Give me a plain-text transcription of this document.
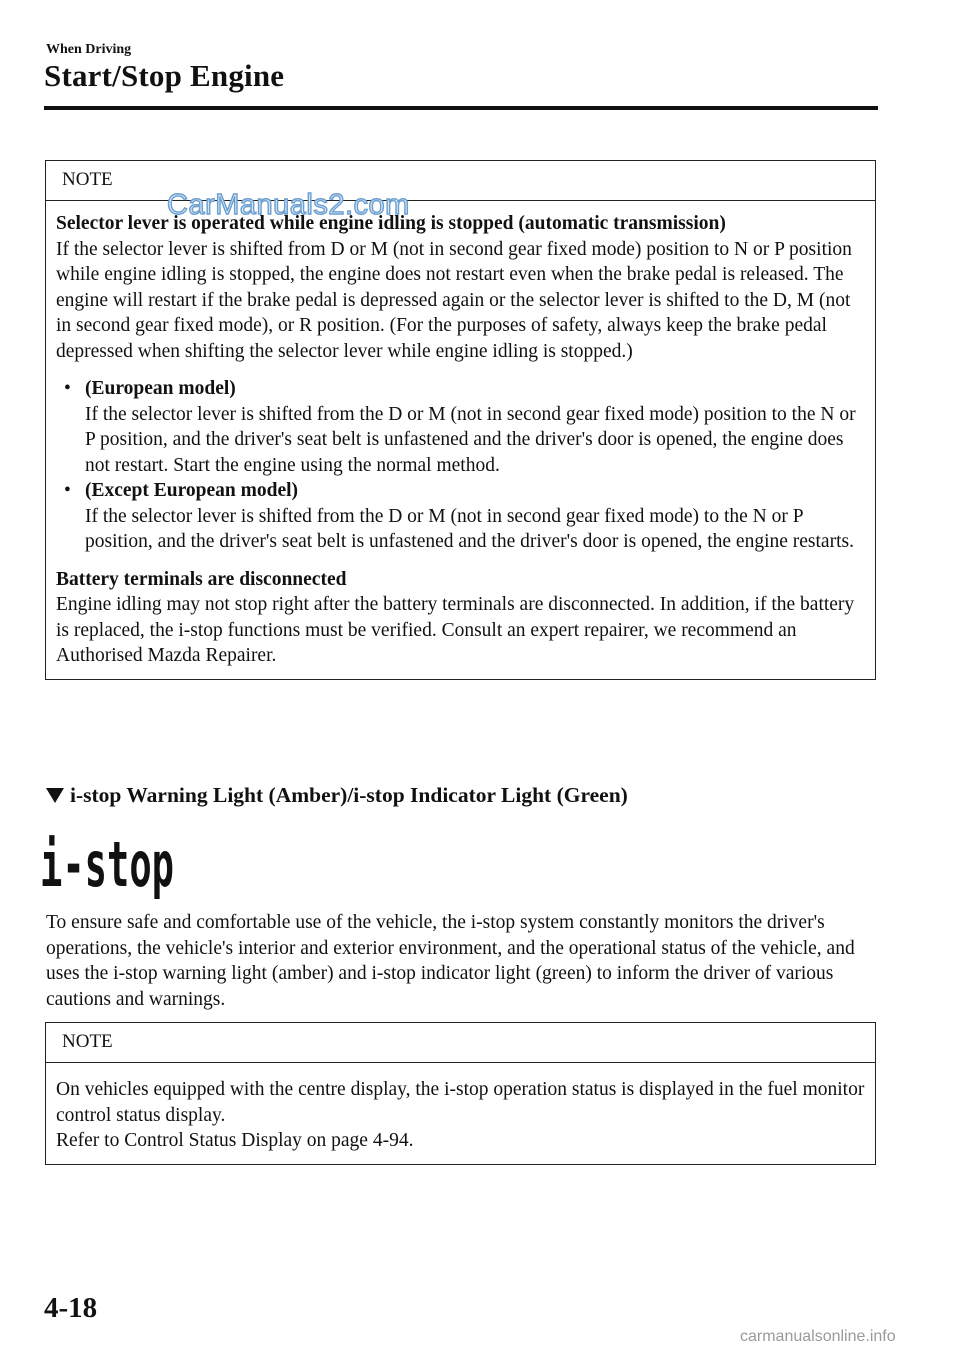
When Driving
Start/Stop Engine
CarManuals2.com
NOTE

Selector lever is operated while engine idling is stopped (automatic transmission)

If the selector lever is shifted from D or M (not in second gear fixed mode) position to N or P position while engine idling is stopped, the engine does not restart even when the brake pedal is released. The engine will restart if the brake pedal is depressed again or the selector lever is shifted to the D, M (not in second gear fixed mode), or R position. (For the purposes of safety, always keep the brake pedal depressed when shifting the selector lever while engine idling is stopped.)

• (European model)
If the selector lever is shifted from the D or M (not in second gear fixed mode) position to the N or P position, and the driver's seat belt is unfastened and the driver's door is opened, the engine does not restart. Start the engine using the normal method.
• (Except European model)
If the selector lever is shifted from the D or M (not in second gear fixed mode) to the N or P position, and the driver's seat belt is unfastened and the driver's door is opened, the engine restarts.

Battery terminals are disconnected

Engine idling may not stop right after the battery terminals are disconnected. In addition, if the battery is replaced, the i-stop functions must be verified. Consult an expert repairer, we recommend an Authorised Mazda Repairer.

i-stop Warning Light (Amber)/i-stop Indicator Light (Green)
i-stop

To ensure safe and comfortable use of the vehicle, the i-stop system constantly monitors the driver's operations, the vehicle's interior and exterior environment, and the operational status of the vehicle, and uses the i-stop warning light (amber) and i-stop indicator light (green) to inform the driver of various cautions and warnings.

NOTE

On vehicles equipped with the centre display, the i-stop operation status is displayed in the fuel monitor control status display.

Refer to Control Status Display on page 4-94.

4-18
carmanualsonline.info
